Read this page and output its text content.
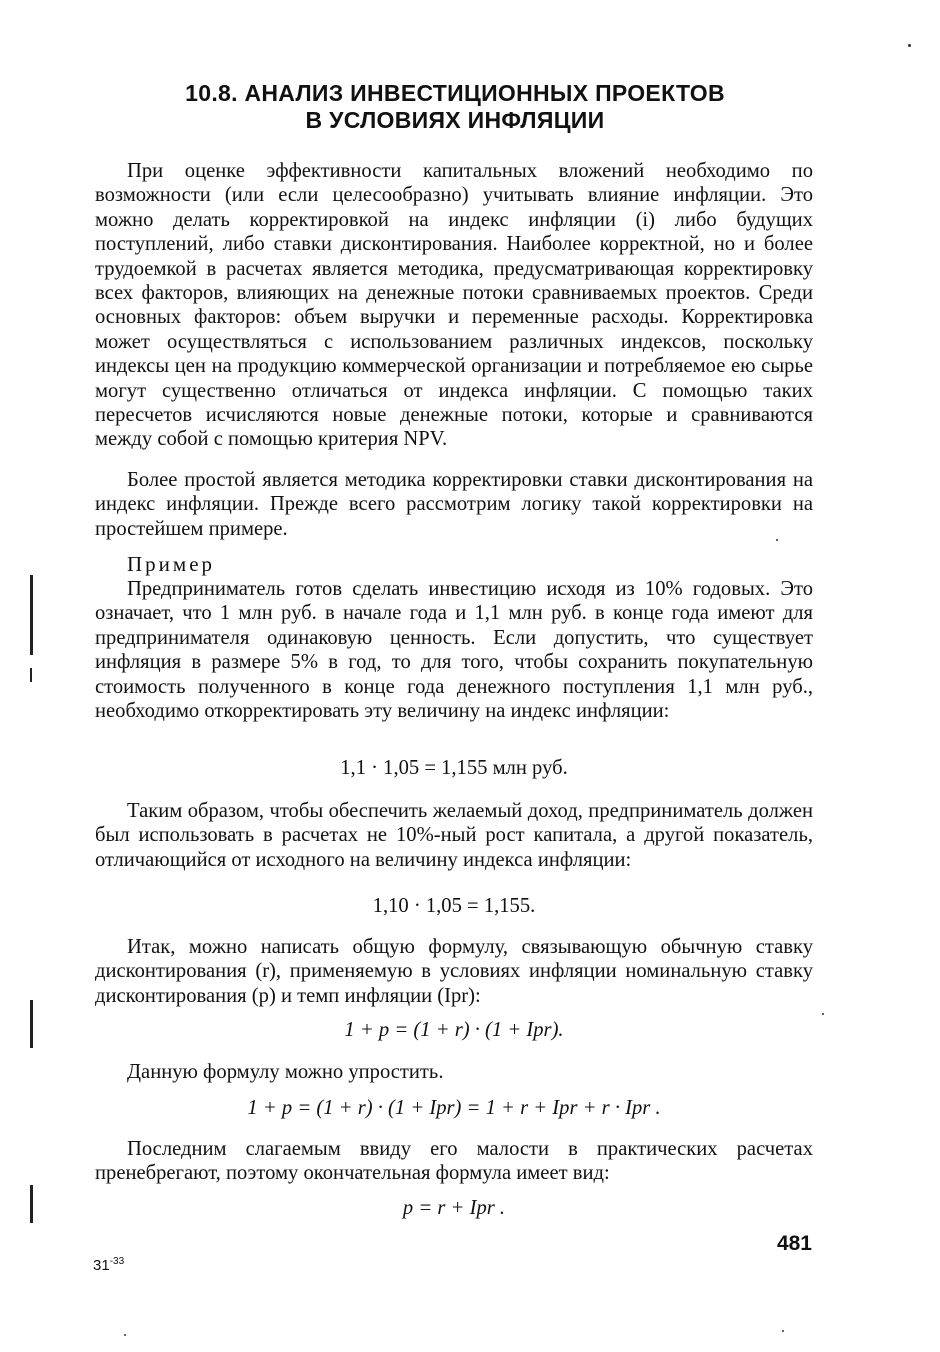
10.8. АНАЛИЗ ИНВЕСТИЦИОННЫХ ПРОЕКТОВ
В УСЛОВИЯХ ИНФЛЯЦИИ

При оценке эффективности капитальных вложений необходимо по возможности (или если целесообразно) учитывать влияние инфляции. Это можно делать корректировкой на индекс инфляции (i) либо будущих поступлений, либо ставки дисконтирования. Наиболее корректной, но и более трудоемкой в расчетах является методика, предусматривающая корректировку всех факторов, влияющих на денежные потоки сравниваемых проектов. Среди основных факторов: объем выручки и переменные расходы. Корректировка может осуществляться с использованием различных индексов, поскольку индексы цен на продукцию коммерческой организации и потребляемое ею сырье могут существенно отличаться от индекса инфляции. С помощью таких пересчетов исчисляются новые денежные потоки, которые и сравниваются между собой с помощью критерия NPV.

Более простой является методика корректировки ставки дисконтирования на индекс инфляции. Прежде всего рассмотрим логику такой корректировки на простейшем примере.

Пример

Предприниматель готов сделать инвестицию исходя из 10% годовых. Это означает, что 1 млн руб. в начале года и 1,1 млн руб. в конце года имеют для предпринимателя одинаковую ценность. Если допустить, что существует инфляция в размере 5% в год, то для того, чтобы сохранить покупательную стоимость полученного в конце года денежного поступления 1,1 млн руб., необходимо откорректировать эту величину на индекс инфляции:

1,1 · 1,05 = 1,155 млн руб.

Таким образом, чтобы обеспечить желаемый доход, предприниматель должен был использовать в расчетах не 10%-ный рост капитала, а другой показатель, отличающийся от исходного на величину индекса инфляции:

1,10 · 1,05 = 1,155.

Итак, можно написать общую формулу, связывающую обычную ставку дисконтирования (r), применяемую в условиях инфляции номинальную ставку дисконтирования (p) и темп инфляции (Ipr):

1 + p = (1 + r) · (1 + Ipr).

Данную формулу можно упростить.

1 + p = (1 + r) · (1 + Ipr) = 1 + r + Ipr + r · Ipr .

Последним слагаемым ввиду его малости в практических расчетах пренебрегают, поэтому окончательная формула имеет вид:

p = r + Ipr .
481
$31^{-33}$
